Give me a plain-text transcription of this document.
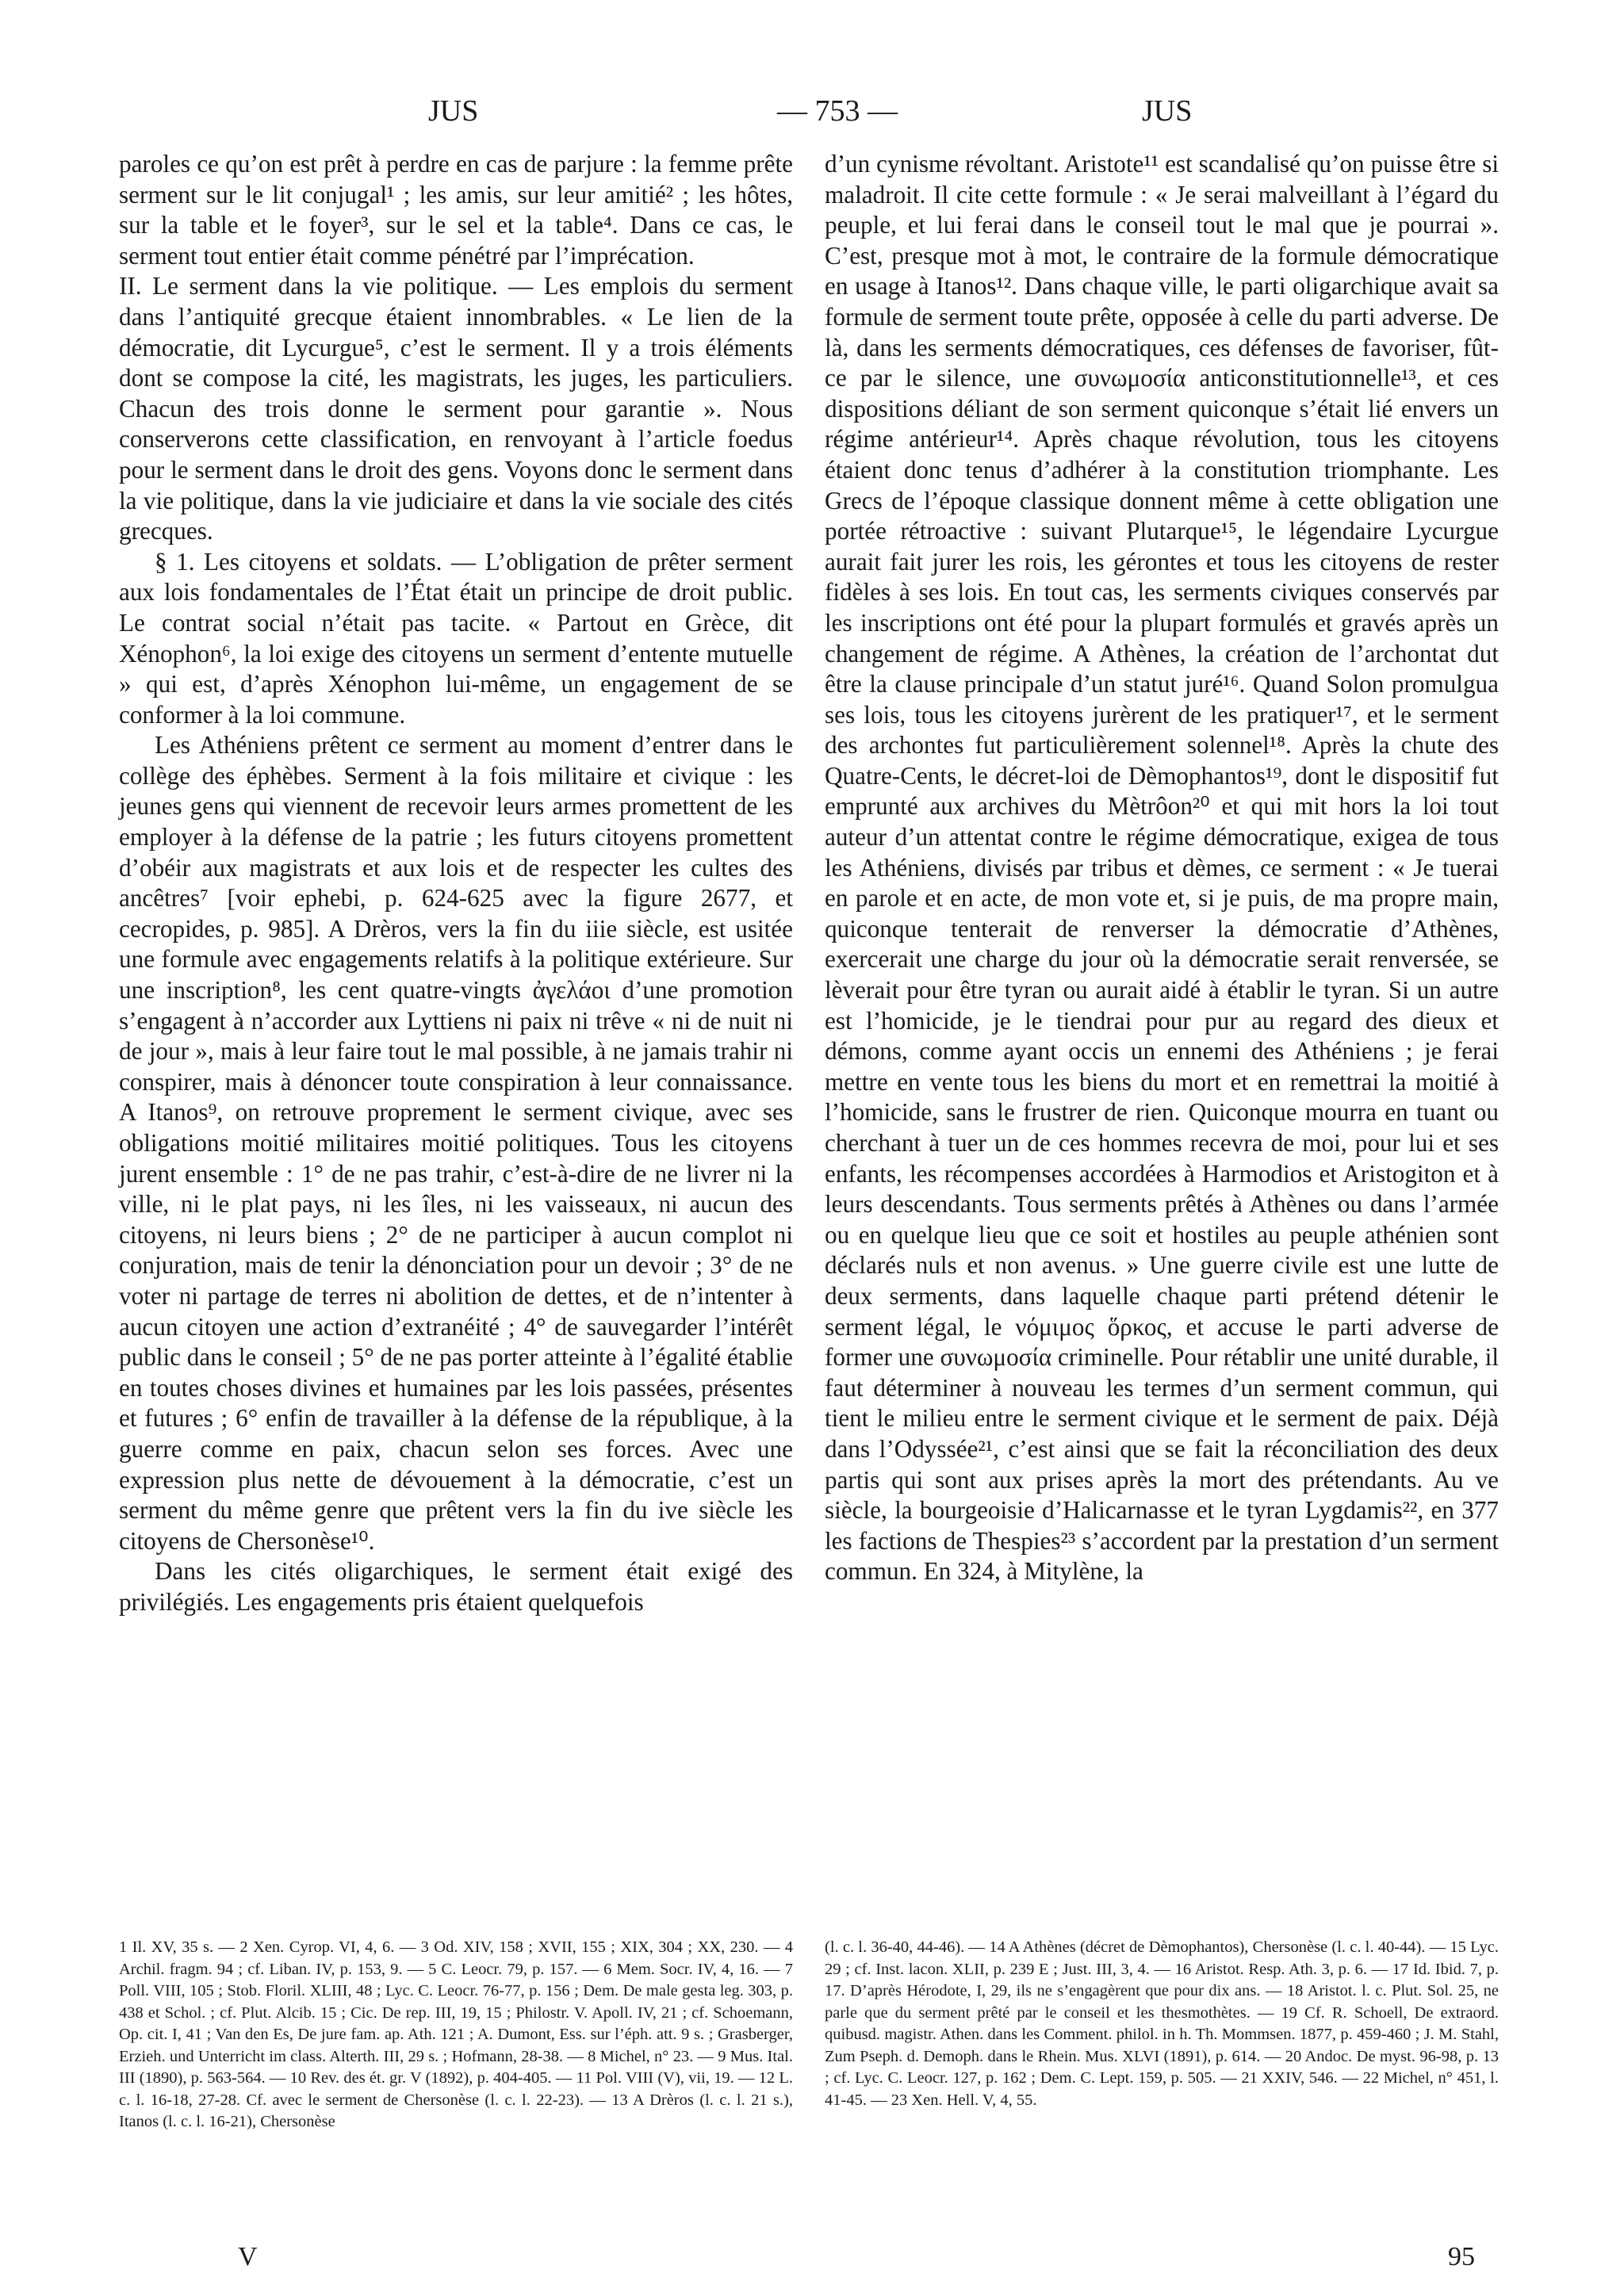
JUS	— 753 —	JUS

paroles ce qu’on est prêt à perdre en cas de parjure : la femme prête serment sur le lit conjugal¹ ; les amis, sur leur amitié² ; les hôtes, sur la table et le foyer³, sur le sel et la table⁴. Dans ce cas, le serment tout entier était comme pénétré par l’imprécation.

II. Le serment dans la vie politique. — Les emplois du serment dans l’antiquité grecque étaient innombrables. « Le lien de la démocratie, dit Lycurgue⁵, c’est le serment. Il y a trois éléments dont se compose la cité, les magistrats, les juges, les particuliers. Chacun des trois donne le serment pour garantie ». Nous conserverons cette classification, en renvoyant à l’article foedus pour le serment dans le droit des gens. Voyons donc le serment dans la vie politique, dans la vie judiciaire et dans la vie sociale des cités grecques.

§ 1. Les citoyens et soldats. — L’obligation de prêter serment aux lois fondamentales de l’État était un principe de droit public. Le contrat social n’était pas tacite. « Partout en Grèce, dit Xénophon⁶, la loi exige des citoyens un serment d’entente mutuelle » qui est, d’après Xénophon lui-même, un engagement de se conformer à la loi commune.

Les Athéniens prêtent ce serment au moment d’entrer dans le collège des éphèbes. Serment à la fois militaire et civique : les jeunes gens qui viennent de recevoir leurs armes promettent de les employer à la défense de la patrie ; les futurs citoyens promettent d’obéir aux magistrats et aux lois et de respecter les cultes des ancêtres⁷ [voir ephebi, p. 624-625 avec la figure 2677, et cecropides, p. 985]. A Drèros, vers la fin du iiie siècle, est usitée une formule avec engagements relatifs à la politique extérieure. Sur une inscription⁸, les cent quatre-vingts ἀγελάοι d’une promotion s’engagent à n’accorder aux Lyttiens ni paix ni trêve « ni de nuit ni de jour », mais à leur faire tout le mal possible, à ne jamais trahir ni conspirer, mais à dénoncer toute conspiration à leur connaissance. A Itanos⁹, on retrouve proprement le serment civique, avec ses obligations moitié militaires moitié politiques. Tous les citoyens jurent ensemble : 1° de ne pas trahir, c’est-à-dire de ne livrer ni la ville, ni le plat pays, ni les îles, ni les vaisseaux, ni aucun des citoyens, ni leurs biens ; 2° de ne participer à aucun complot ni conjuration, mais de tenir la dénonciation pour un devoir ; 3° de ne voter ni partage de terres ni abolition de dettes, et de n’intenter à aucun citoyen une action d’extranéité ; 4° de sauvegarder l’intérêt public dans le conseil ; 5° de ne pas porter atteinte à l’égalité établie en toutes choses divines et humaines par les lois passées, présentes et futures ; 6° enfin de travailler à la défense de la république, à la guerre comme en paix, chacun selon ses forces. Avec une expression plus nette de dévouement à la démocratie, c’est un serment du même genre que prêtent vers la fin du ive siècle les citoyens de Chersonèse¹⁰.

Dans les cités oligarchiques, le serment était exigé des privilégiés. Les engagements pris étaient quelquefois

d’un cynisme révoltant. Aristote¹¹ est scandalisé qu’on puisse être si maladroit. Il cite cette formule : « Je serai malveillant à l’égard du peuple, et lui ferai dans le conseil tout le mal que je pourrai ». C’est, presque mot à mot, le contraire de la formule démocratique en usage à Itanos¹². Dans chaque ville, le parti oligarchique avait sa formule de serment toute prête, opposée à celle du parti adverse. De là, dans les serments démocratiques, ces défenses de favoriser, fût-ce par le silence, une συνωμοσία anticonstitutionnelle¹³, et ces dispositions déliant de son serment quiconque s’était lié envers un régime antérieur¹⁴. Après chaque révolution, tous les citoyens étaient donc tenus d’adhérer à la constitution triomphante. Les Grecs de l’époque classique donnent même à cette obligation une portée rétroactive : suivant Plutarque¹⁵, le légendaire Lycurgue aurait fait jurer les rois, les gérontes et tous les citoyens de rester fidèles à ses lois. En tout cas, les serments civiques conservés par les inscriptions ont été pour la plupart formulés et gravés après un changement de régime. A Athènes, la création de l’archontat dut être la clause principale d’un statut juré¹⁶. Quand Solon promulgua ses lois, tous les citoyens jurèrent de les pratiquer¹⁷, et le serment des archontes fut particulièrement solennel¹⁸. Après la chute des Quatre-Cents, le décret-loi de Dèmophantos¹⁹, dont le dispositif fut emprunté aux archives du Mètrôon²⁰ et qui mit hors la loi tout auteur d’un attentat contre le régime démocratique, exigea de tous les Athéniens, divisés par tribus et dèmes, ce serment : « Je tuerai en parole et en acte, de mon vote et, si je puis, de ma propre main, quiconque tenterait de renverser la démocratie d’Athènes, exercerait une charge du jour où la démocratie serait renversée, se lèverait pour être tyran ou aurait aidé à établir le tyran. Si un autre est l’homicide, je le tiendrai pour pur au regard des dieux et démons, comme ayant occis un ennemi des Athéniens ; je ferai mettre en vente tous les biens du mort et en remettrai la moitié à l’homicide, sans le frustrer de rien. Quiconque mourra en tuant ou cherchant à tuer un de ces hommes recevra de moi, pour lui et ses enfants, les récompenses accordées à Harmodios et Aristogiton et à leurs descendants. Tous serments prêtés à Athènes ou dans l’armée ou en quelque lieu que ce soit et hostiles au peuple athénien sont déclarés nuls et non avenus. » Une guerre civile est une lutte de deux serments, dans laquelle chaque parti prétend détenir le serment légal, le νόμιμος ὅρκος, et accuse le parti adverse de former une συνωμοσία criminelle. Pour rétablir une unité durable, il faut déterminer à nouveau les termes d’un serment commun, qui tient le milieu entre le serment civique et le serment de paix. Déjà dans l’Odyssée²¹, c’est ainsi que se fait la réconciliation des deux partis qui sont aux prises après la mort des prétendants. Au ve siècle, la bourgeoisie d’Halicarnasse et le tyran Lygdamis²², en 377 les factions de Thespies²³ s’accordent par la prestation d’un serment commun. En 324, à Mitylène, la

1 Il. XV, 35 s. — 2 Xen. Cyrop. VI, 4, 6. — 3 Od. XIV, 158 ; XVII, 155 ; XIX, 304 ; XX, 230. — 4 Archil. fragm. 94 ; cf. Liban. IV, p. 153, 9. — 5 C. Leocr. 79, p. 157. — 6 Mem. Socr. IV, 4, 16. — 7 Poll. VIII, 105 ; Stob. Floril. XLIII, 48 ; Lyc. C. Leocr. 76-77, p. 156 ; Dem. De male gesta leg. 303, p. 438 et Schol. ; cf. Plut. Alcib. 15 ; Cic. De rep. III, 19, 15 ; Philostr. V. Apoll. IV, 21 ; cf. Schoemann, Op. cit. I, 41 ; Van den Es, De jure fam. ap. Ath. 121 ; A. Dumont, Ess. sur l’éph. att. 9 s. ; Grasberger, Erzieh. und Unterricht im class. Alterth. III, 29 s. ; Hofmann, 28-38. — 8 Michel, n° 23. — 9 Mus. Ital. III (1890), p. 563-564. — 10 Rev. des ét. gr. V (1892), p. 404-405. — 11 Pol. VIII (V), vii, 19. — 12 L. c. l. 16-18, 27-28. Cf. avec le serment de Chersonèse (l. c. l. 22-23). — 13 A Drèros (l. c. l. 21 s.), Itanos (l. c. l. 16-21), Chersonèse
(l. c. l. 36-40, 44-46). — 14 A Athènes (décret de Dèmophantos), Chersonèse (l. c. l. 40-44). — 15 Lyc. 29 ; cf. Inst. lacon. XLII, p. 239 E ; Just. III, 3, 4. — 16 Aristot. Resp. Ath. 3, p. 6. — 17 Id. Ibid. 7, p. 17. D’après Hérodote, I, 29, ils ne s’engagèrent que pour dix ans. — 18 Aristot. l. c. Plut. Sol. 25, ne parle que du serment prêté par le conseil et les thesmothètes. — 19 Cf. R. Schoell, De extraord. quibusd. magistr. Athen. dans les Comment. philol. in h. Th. Mommsen. 1877, p. 459-460 ; J. M. Stahl, Zum Pseph. d. Demoph. dans le Rhein. Mus. XLVI (1891), p. 614. — 20 Andoc. De myst. 96-98, p. 13 ; cf. Lyc. C. Leocr. 127, p. 162 ; Dem. C. Lept. 159, p. 505. — 21 XXIV, 546. — 22 Michel, n° 451, l. 41-45. — 23 Xen. Hell. V, 4, 55.
V	95
